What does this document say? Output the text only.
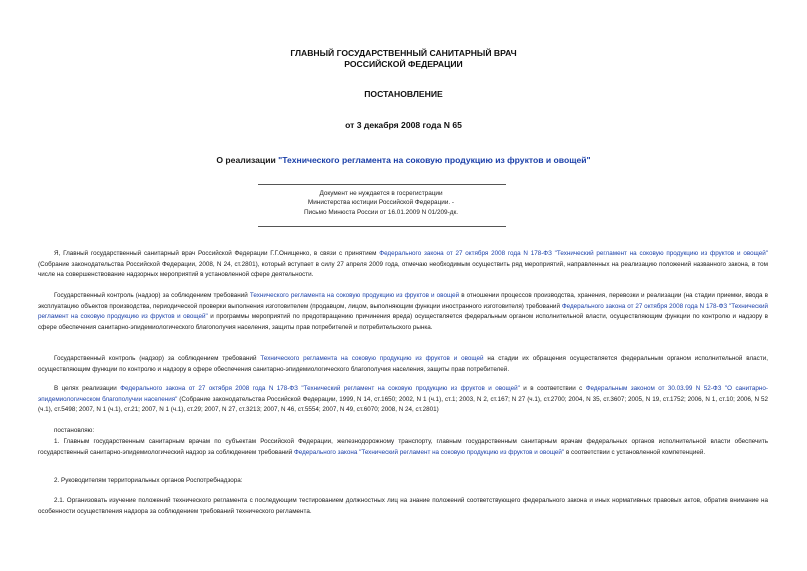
ГЛАВНЫЙ ГОСУДАРСТВЕННЫЙ САНИТАРНЫЙ ВРАЧ
РОССИЙСКОЙ ФЕДЕРАЦИИ
ПОСТАНОВЛЕНИЕ
от 3 декабря 2008 года N 65
О реализации "Технического регламента на соковую продукцию из фруктов и овощей"
Документ не нуждается в госрегистрации
Министерства юстиции Российской Федерации. -
Письмо Минюста России от 16.01.2009 N 01/209-дк.
Я, Главный государственный санитарный врач Российской Федерации Г.Г.Онищенко, в связи с принятием Федерального закона от 27 октября 2008 года N 178-ФЗ "Технический регламент на соковую продукцию из фруктов и овощей" (Собрание законодательства Российской Федерации, 2008, N 24, ст.2801), который вступает в силу 27 апреля 2009 года, отмечаю необходимым осуществить ряд мероприятий, направленных на реализацию положений названного закона, в том числе на совершенствование надзорных мероприятий в установленной сфере деятельности.
Государственный контроль (надзор) за соблюдением требований Технического регламента на соковую продукцию из фруктов и овощей в отношении процессов производства, хранения, перевозки и реализации (на стадии приемки, ввода в эксплуатацию объектов производства, периодической проверки выполнения изготовителем (продавцом, лицом, выполняющим функции иностранного изготовителя) требований Федерального закона от 27 октября 2008 года N 178-ФЗ "Технический регламент на соковую продукцию из фруктов и овощей" и программы мероприятий по предотвращению причинения вреда) осуществляется федеральным органом исполнительной власти, осуществляющим функции по контролю и надзору в сфере обеспечения санитарно-эпидемиологического благополучия населения, защиты прав потребителей и потребительского рынка.
Государственный контроль (надзор) за соблюдением требований Технического регламента на соковую продукцию из фруктов и овощей на стадии их обращения осуществляется федеральным органом исполнительной власти, осуществляющим функции по контролю и надзору в сфере обеспечения санитарно-эпидемиологического благополучия населения, защиты прав потребителей.
В целях реализации Федерального закона от 27 октября 2008 года N 178-ФЗ "Технический регламент на соковую продукцию из фруктов и овощей" и в соответствии с Федеральным законом от 30.03.99 N 52-ФЗ "О санитарно-эпидемиологическом благополучии населения" (Собрание законодательства Российской Федерации, 1999, N 14, ст.1650; 2002, N 1 (ч.1), ст.1; 2003, N 2, ст.167; N 27 (ч.1), ст.2700; 2004, N 35, ст.3607; 2005, N 19, ст.1752; 2006, N 1, ст.10; 2006, N 52 (ч.1), ст.5498; 2007, N 1 (ч.1), ст.21; 2007, N 1 (ч.1), ст.29; 2007, N 27, ст.3213; 2007, N 46, ст.5554; 2007, N 49, ст.6070; 2008, N 24, ст.2801)
постановляю:
1. Главным государственным санитарным врачам по субъектам Российской Федерации, железнодорожному транспорту, главным государственным санитарным врачам федеральных органов исполнительной власти обеспечить государственный санитарно-эпидемиологический надзор за соблюдением требований Федерального закона "Технический регламент на соковую продукцию из фруктов и овощей" в соответствии с установленной компетенцией.
2. Руководителям территориальных органов Роспотребнадзора:
2.1. Организовать изучение положений технического регламента с последующим тестированием должностных лиц на знание положений соответствующего федерального закона и иных нормативных правовых актов, обратив внимание на особенности осуществления надзора за соблюдением требований технического регламента.
